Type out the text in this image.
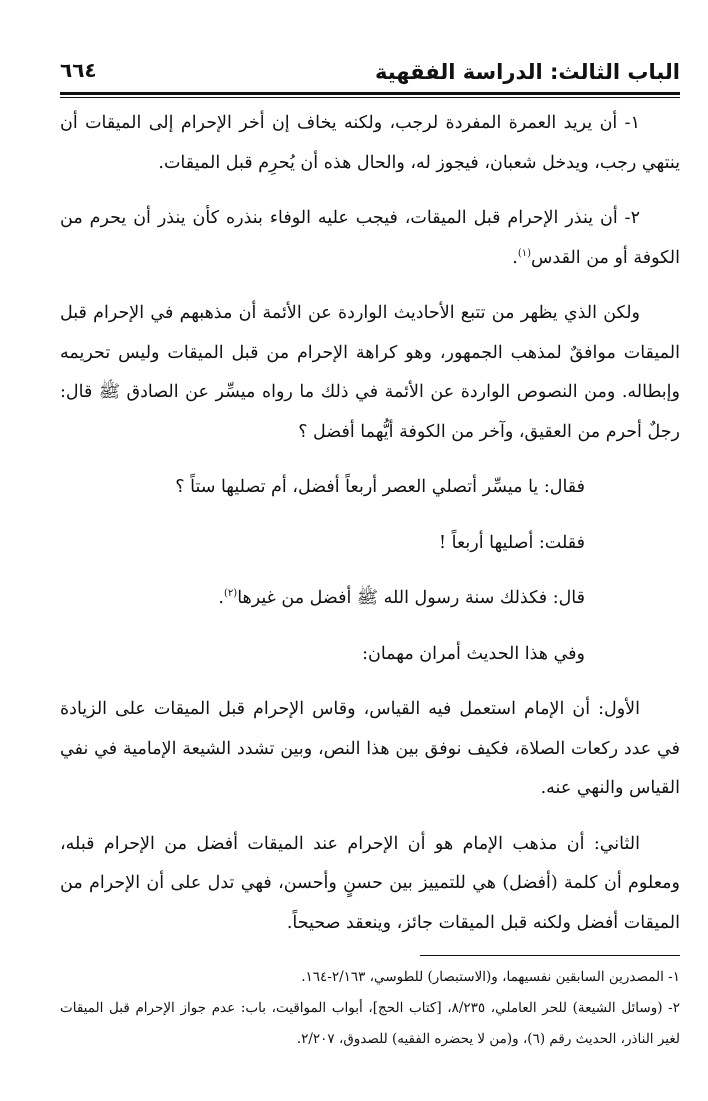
الباب الثالث: الدراسة الفقهية
٦٦٤

١- أن يريد العمرة المفردة لرجب، ولكنه يخاف إن أخر الإحرام إلى الميقات أن ينتهي رجب، ويدخل شعبان، فيجوز له، والحال هذه أن يُحرِم قبل الميقات.

٢- أن ينذر الإحرام قبل الميقات، فيجب عليه الوفاء بنذره كأن ينذر أن يحرم من الكوفة أو من القدس$^{(١)}$.

ولكن الذي يظهر من تتبع الأحاديث الواردة عن الأئمة أن مذهبهم في الإحرام قبل الميقات موافقٌ لمذهب الجمهور، وهو كراهة الإحرام من قبل الميقات وليس تحريمه وإبطاله. ومن النصوص الواردة عن الأئمة في ذلك ما رواه ميسِّر عن الصادق ﷺ قال: رجلٌ أحرم من العقيق، وآخر من الكوفة أيُّهما أفضل ؟

فقال: يا ميسِّر أتصلي العصر أربعاً أفضل، أم تصليها ستاً ؟

فقلت: أصليها أربعاً !

قال: فكذلك سنة رسول الله ﷺ أفضل من غيرها$^{(٢)}$.

وفي هذا الحديث أمران مهمان:

الأول: أن الإمام استعمل فيه القياس، وقاس الإحرام قبل الميقات على الزيادة في عدد ركعات الصلاة، فكيف نوفق بين هذا النص، وبين تشدد الشيعة الإمامية في نفي القياس والنهي عنه.

الثاني: أن مذهب الإمام هو أن الإحرام عند الميقات أفضل من الإحرام قبله، ومعلوم أن كلمة (أفضل) هي للتمييز بين حسنٍ وأحسن، فهي تدل على أن الإحرام من الميقات أفضل ولكنه قبل الميقات جائز، وينعقد صحيحاً.

١- المصدرين السابقين نفسيهما، و(الاستبصار) للطوسي، ٢/١٦٣-١٦٤.

٢- (وسائل الشيعة) للحر العاملي، ٨/٢٣٥، [كتاب الحج]، أبواب المواقيت، باب: عدم جواز الإحرام قبل الميقات لغير الناذر، الحديث رقم (٦)، و(من لا يحضره الفقيه) للصدوق، ٢/٢٠٧.
